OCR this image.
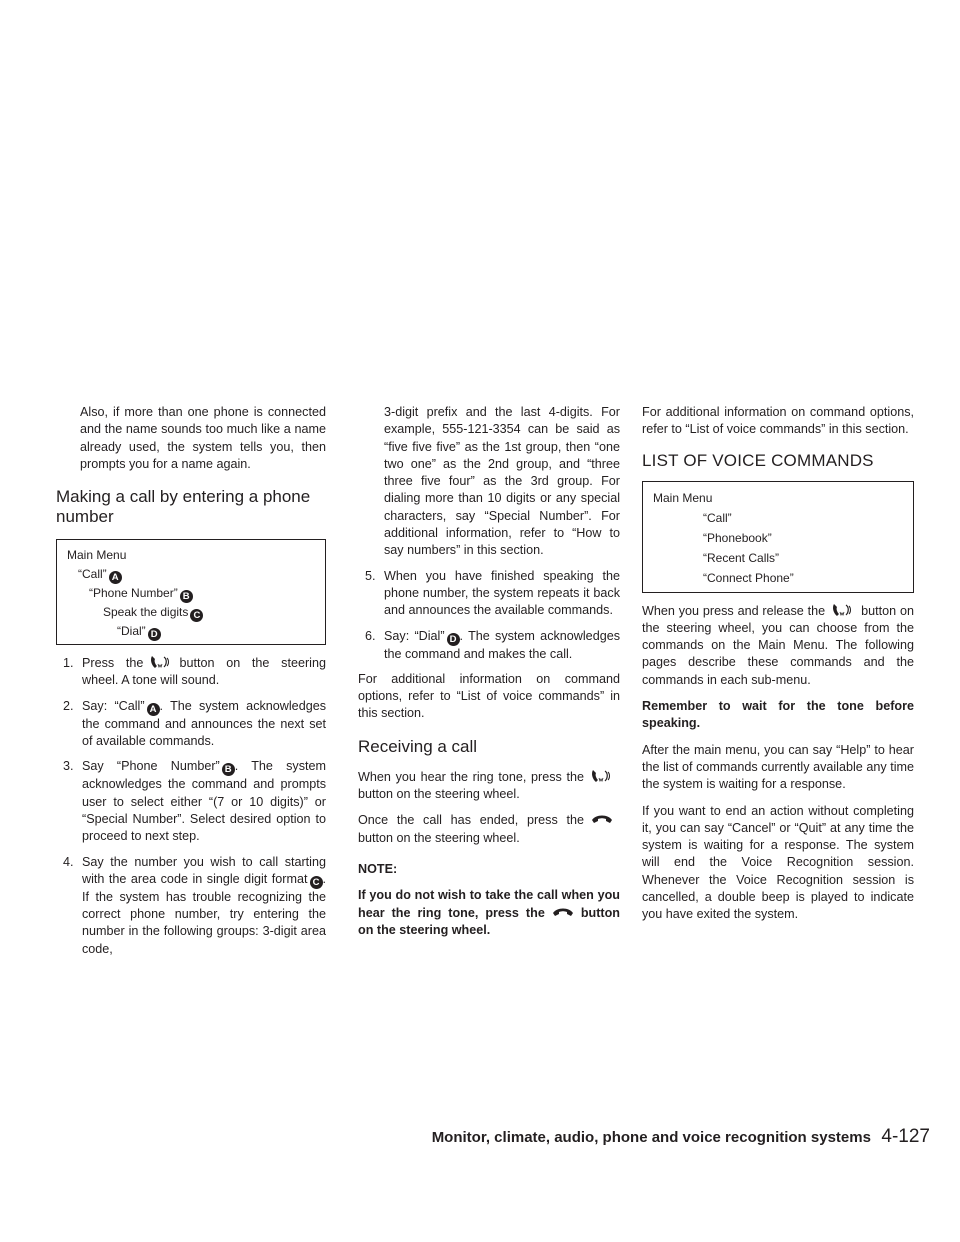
Also, if more than one phone is connected and the name sounds too much like a name already used, the system tells you, then prompts you for a name again.

Making a call by entering a phone number
Main Menu
“Call” A
“Phone Number” B
Speak the digits C
“Dial” D
1. Press the	button on the steering wheel. A tone will sound.
2. Say: “Call” A . The system acknowledges the command and announces the next set of available commands.
3. Say “Phone Number” B . The system acknowledges the command and prompts user to select either “(7 or 10 digits)” or “Special Number”. Select desired option to proceed to next step.
4. Say the number you wish to call starting with the area code in single digit format C . If the system has trouble recognizing the correct phone number, try entering the number in the following groups: 3-digit area code,

3-digit prefix and the last 4-digits. For example, 555-121-3354 can be said as “five five five” as the 1st group, then “one two one” as the 2nd group, and “three three five four” as the 3rd group. For dialing more than 10 digits or any special characters, say “Special Number”. For additional information, refer to “How to say numbers” in this section.

5. When you have finished speaking the phone number, the system repeats it back and announces the available commands.
6. Say: “Dial” D . The system acknowledges the command and makes the call.

For additional information on command options, refer to “List of voice commands” in this section.

Receiving a call

When you hear the ring tone, press thebutton on the steering wheel.

Once the call has ended, press thebutton on the steering wheel.

NOTE:

If you do not wish to take the call when you hear the ring tone, press the	button on the steering wheel.

For additional information on command options, refer to “List of voice commands” in this section.

LIST OF VOICE COMMANDS
Main Menu
“Call”
“Phonebook”
“Recent Calls”
“Connect Phone”

When you press and release the	button on the steering wheel, you can choose from the commands on the Main Menu. The following pages describe these commands and the commands in each sub-menu.

Remember to wait for the tone before speaking.

After the main menu, you can say “Help” to hear the list of commands currently available any time the system is waiting for a response.

If you want to end an action without completing it, you can say “Cancel” or “Quit” at any time the system is waiting for a response. The system will end the Voice Recognition session. Whenever the Voice Recognition session is cancelled, a double beep is played to indicate you have exited the system.

Monitor, climate, audio, phone and voice recognition systems 4-127
